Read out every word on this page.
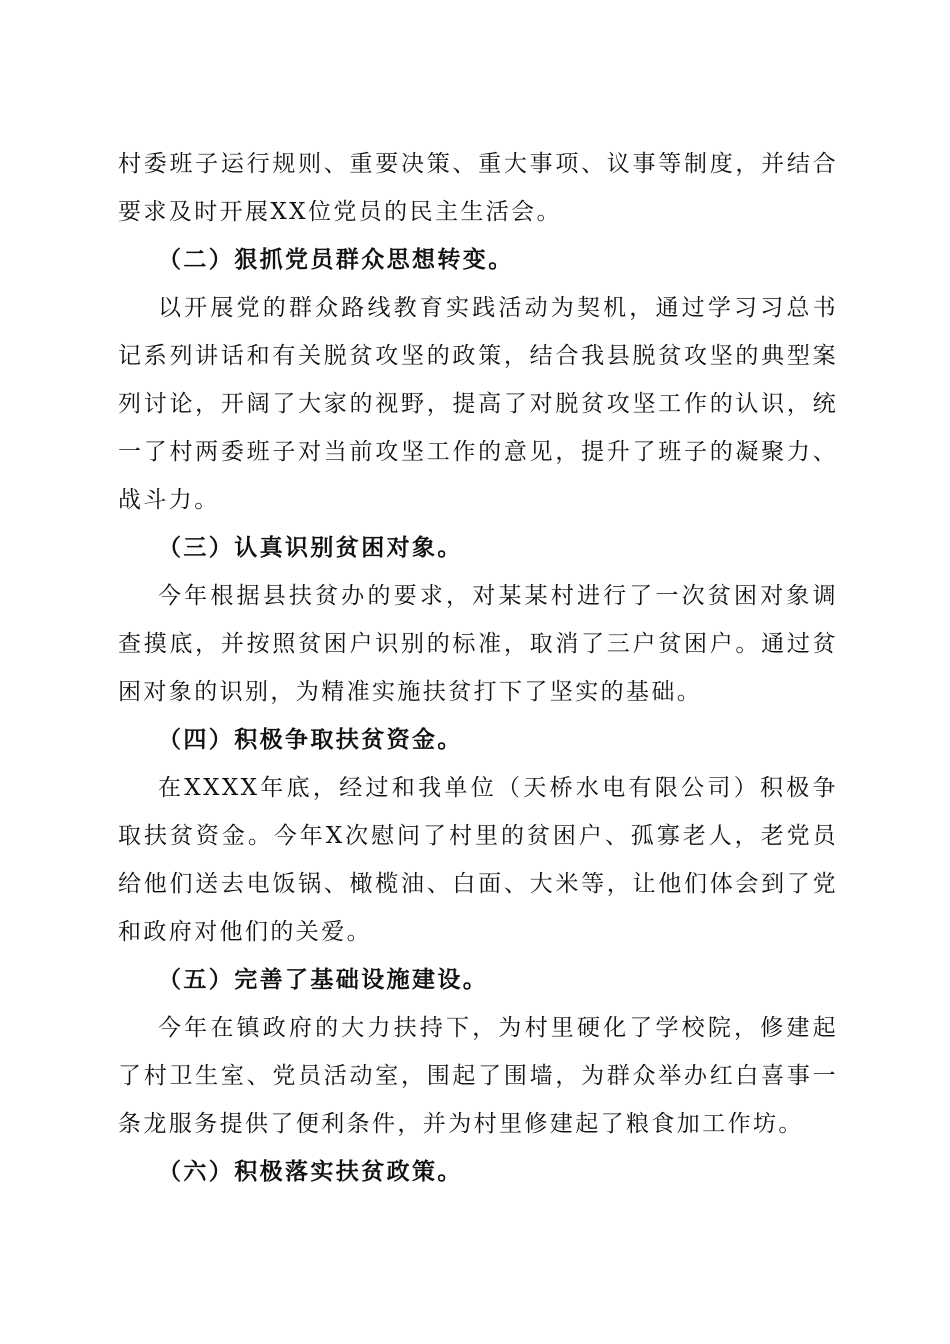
村委班子运行规则、重要决策、重大事项、议事等制度，并结合要求及时开展XX位党员的民主生活会。

（二）狠抓党员群众思想转变。

以开展党的群众路线教育实践活动为契机，通过学习习总书记系列讲话和有关脱贫攻坚的政策，结合我县脱贫攻坚的典型案列讨论，开阔了大家的视野，提高了对脱贫攻坚工作的认识，统一了村两委班子对当前攻坚工作的意见，提升了班子的凝聚力、战斗力。

（三）认真识别贫困对象。

今年根据县扶贫办的要求，对某某村进行了一次贫困对象调查摸底，并按照贫困户识别的标准，取消了三户贫困户。通过贫困对象的识别，为精准实施扶贫打下了坚实的基础。

（四）积极争取扶贫资金。

在XXXX年底，经过和我单位（天桥水电有限公司）积极争取扶贫资金。今年X次慰问了村里的贫困户、孤寡老人，老党员给他们送去电饭锅、橄榄油、白面、大米等，让他们体会到了党和政府对他们的关爱。

（五）完善了基础设施建设。

今年在镇政府的大力扶持下，为村里硬化了学校院，修建起了村卫生室、党员活动室，围起了围墙，为群众举办红白喜事一条龙服务提供了便利条件，并为村里修建起了粮食加工作坊。

（六）积极落实扶贫政策。
